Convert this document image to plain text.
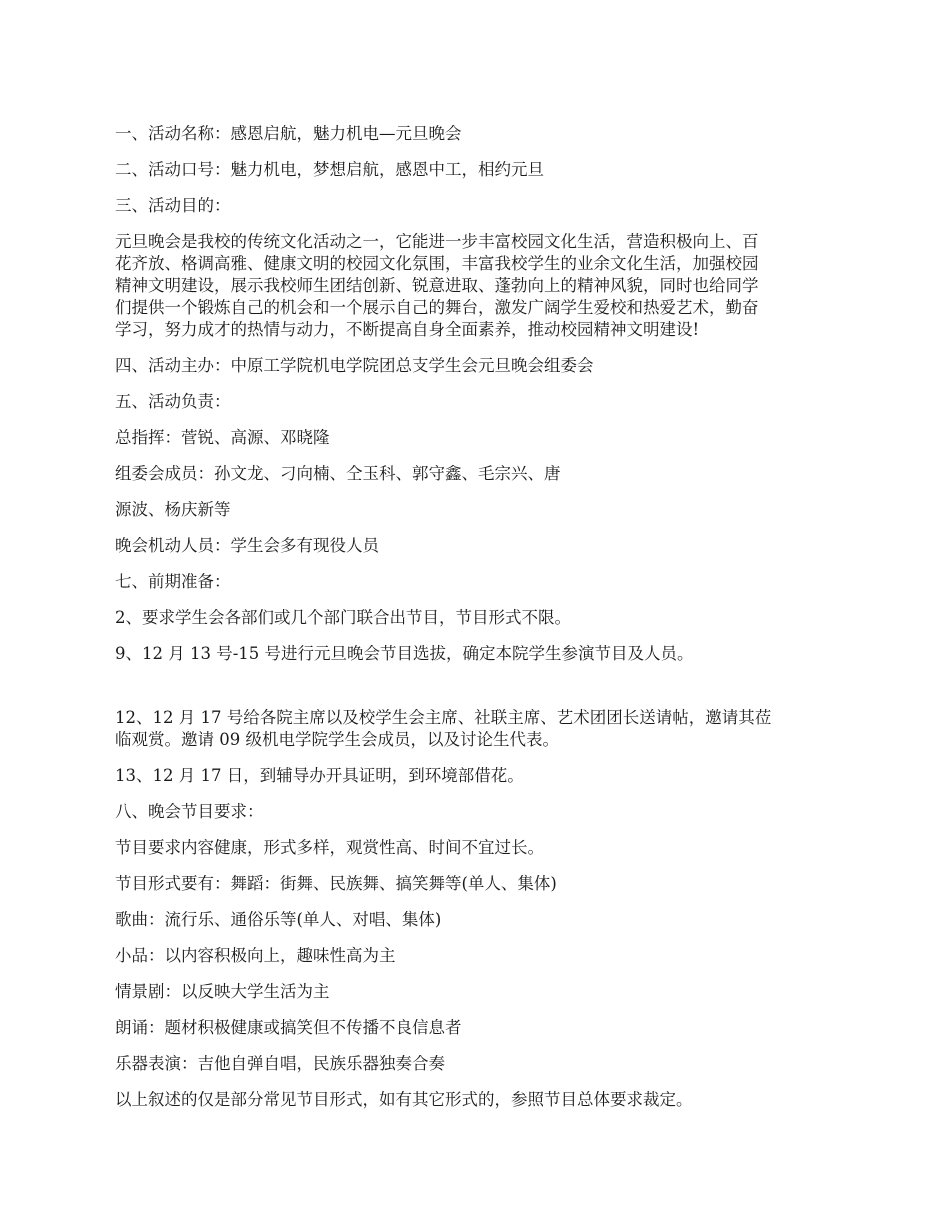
一、活动名称：感恩启航，魅力机电—元旦晚会
二、活动口号：魅力机电，梦想启航，感恩中工，相约元旦
三、活动目的：
元旦晚会是我校的传统文化活动之一，它能进一步丰富校园文化生活，营造积极向上、百
花齐放、格调高雅、健康文明的校园文化氛围，丰富我校学生的业余文化生活，加强校园
精神文明建设，展示我校师生团结创新、锐意进取、蓬勃向上的精神风貌，同时也给同学
们提供一个锻炼自己的机会和一个展示自己的舞台，激发广阔学生爱校和热爱艺术，勤奋
学习，努力成才的热情与动力，不断提高自身全面素养，推动校园精神文明建设!
四、活动主办：中原工学院机电学院团总支学生会元旦晚会组委会
五、活动负责：
总指挥：菅锐、高源、邓晓隆
组委会成员：孙文龙、刁向楠、仝玉科、郭守鑫、毛宗兴、唐
源波、杨庆新等
晚会机动人员：学生会多有现役人员
七、前期准备：
2、要求学生会各部们或几个部门联合出节目，节目形式不限。
9、12 月 13 号-15 号进行元旦晚会节目选拔，确定本院学生参演节目及人员。
12、12 月 17 号给各院主席以及校学生会主席、社联主席、艺术团团长送请帖，邀请其莅
临观赏。邀请 09 级机电学院学生会成员，以及讨论生代表。
13、12 月 17 日，到辅导办开具证明，到环境部借花。
八、晚会节目要求：
节目要求内容健康，形式多样，观赏性高、时间不宜过长。
节目形式要有：舞蹈：街舞、民族舞、搞笑舞等(单人、集体)
歌曲：流行乐、通俗乐等(单人、对唱、集体)
小品：以内容积极向上，趣味性高为主
情景剧：以反映大学生活为主
朗诵：题材积极健康或搞笑但不传播不良信息者
乐器表演：吉他自弹自唱，民族乐器独奏合奏
以上叙述的仅是部分常见节目形式，如有其它形式的，参照节目总体要求裁定。
